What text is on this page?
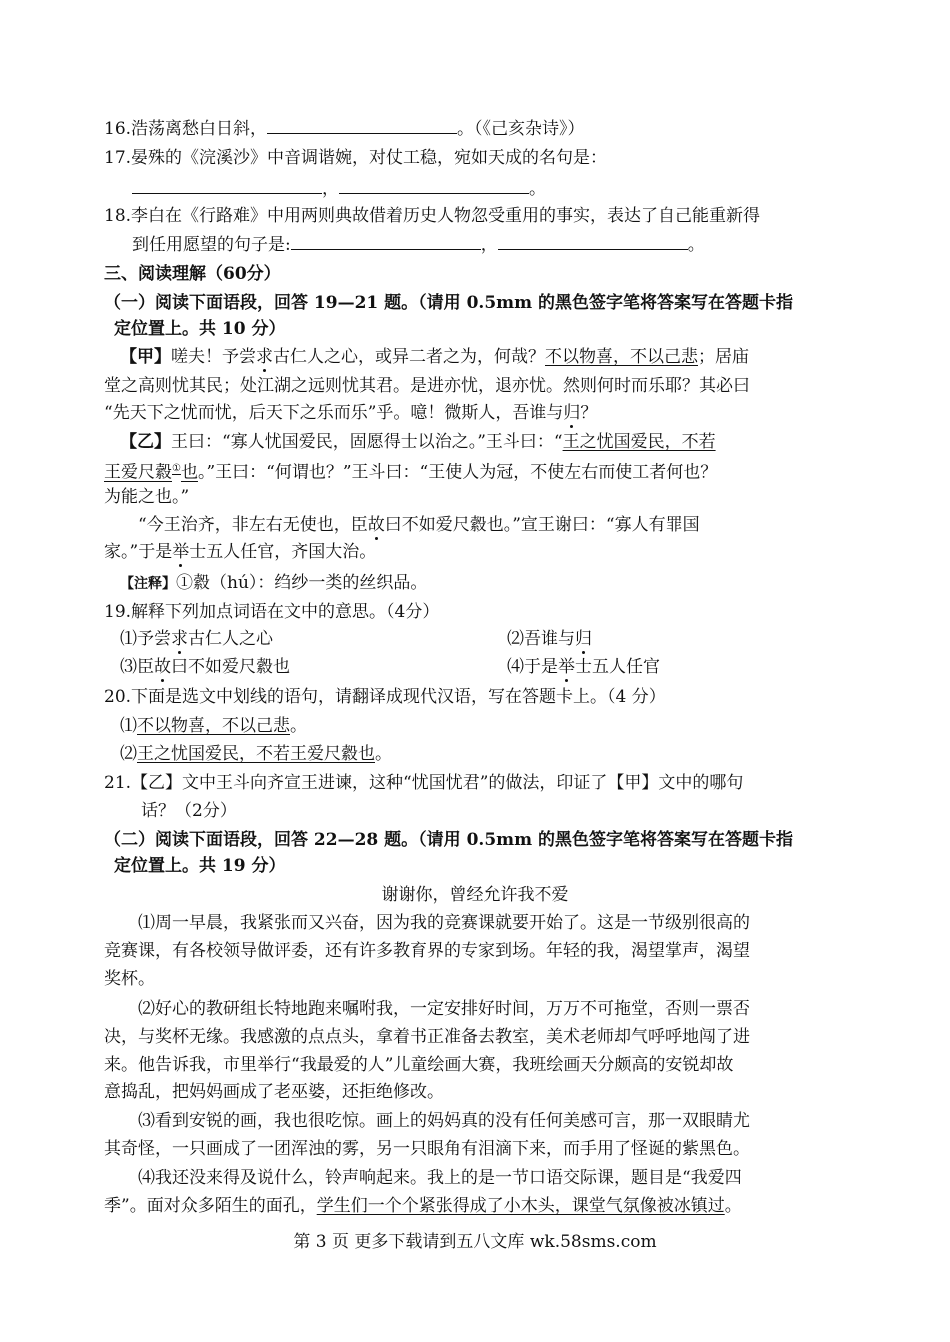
16.浩荡离愁白日斜，	。（《己亥杂诗》）
17.晏殊的《浣溪沙》中音调谐婉，对仗工稳，宛如天成的名句是：
，	。
18.李白在《行路难》中用两则典故借着历史人物忽受重用的事实，表达了自己能重新得
到任用愿望的句子是:	，	。
三、阅读理解（60分）
（一）阅读下面语段，回答 19—21 题。（请用 0.5mm 的黑色签字笔将答案写在答题卡指
定位置上。共 10 分）
【甲】嗟夫！予尝求古仁人之心，或异二者之为，何哉？不以物喜，不以己悲；居庙
堂之高则忧其民；处江湖之远则忧其君。是进亦忧，退亦忧。然则何时而乐耶？其必曰
“先天下之忧而忧，后天下之乐而乐”乎。噫！微斯人，吾谁与归？
【乙】王曰：“寡人忧国爱民，固愿得士以治之。”王斗曰：“王之忧国爱民，不若
王爱尺縠①也。”王曰：“何谓也？”王斗曰：“王使人为冠，不使左右而使工者何也？
为能之也。”
“今王治齐，非左右无使也，臣故曰不如爱尺縠也。”宣王谢曰：“寡人有罪国
家。”于是举士五人任官，齐国大治。
【注释】①縠（hú）：绉纱一类的丝织品。
19.解释下列加点词语在文中的意思。（4分）
⑴予尝求古仁人之心	⑵吾谁与归
⑶臣故曰不如爱尺縠也	⑷于是举士五人任官
20.下面是选文中划线的语句，请翻译成现代汉语，写在答题卡上。（4 分）
⑴不以物喜，不以己悲。
⑵王之忧国爱民，不若王爱尺縠也。
21.【乙】文中王斗向齐宣王进谏，这种“忧国忧君”的做法，印证了【甲】文中的哪句
话？（2分）
（二）阅读下面语段，回答 22—28 题。（请用 0.5mm 的黑色签字笔将答案写在答题卡指
定位置上。共 19 分）
谢谢你，曾经允许我不爱
⑴周一早晨，我紧张而又兴奋，因为我的竞赛课就要开始了。这是一节级别很高的
竞赛课，有各校领导做评委，还有许多教育界的专家到场。年轻的我，渴望掌声，渴望
奖杯。
⑵好心的教研组长特地跑来嘱咐我，一定安排好时间，万万不可拖堂，否则一票否
决，与奖杯无缘。我感激的点点头，拿着书正准备去教室，美术老师却气呼呼地闯了进
来。他告诉我，市里举行“我最爱的人”儿童绘画大赛，我班绘画天分颇高的安锐却故
意捣乱，把妈妈画成了老巫婆，还拒绝修改。
⑶看到安锐的画，我也很吃惊。画上的妈妈真的没有任何美感可言，那一双眼睛尤
其奇怪，一只画成了一团浑浊的雾，另一只眼角有泪滴下来，而手用了怪诞的紫黑色。
⑷我还没来得及说什么，铃声响起来。我上的是一节口语交际课，题目是“我爱四
季”。面对众多陌生的面孔，学生们一个个紧张得成了小木头，课堂气氛像被冰镇过。
第 3 页 更多下载请到五八文库 wk.58sms.com
